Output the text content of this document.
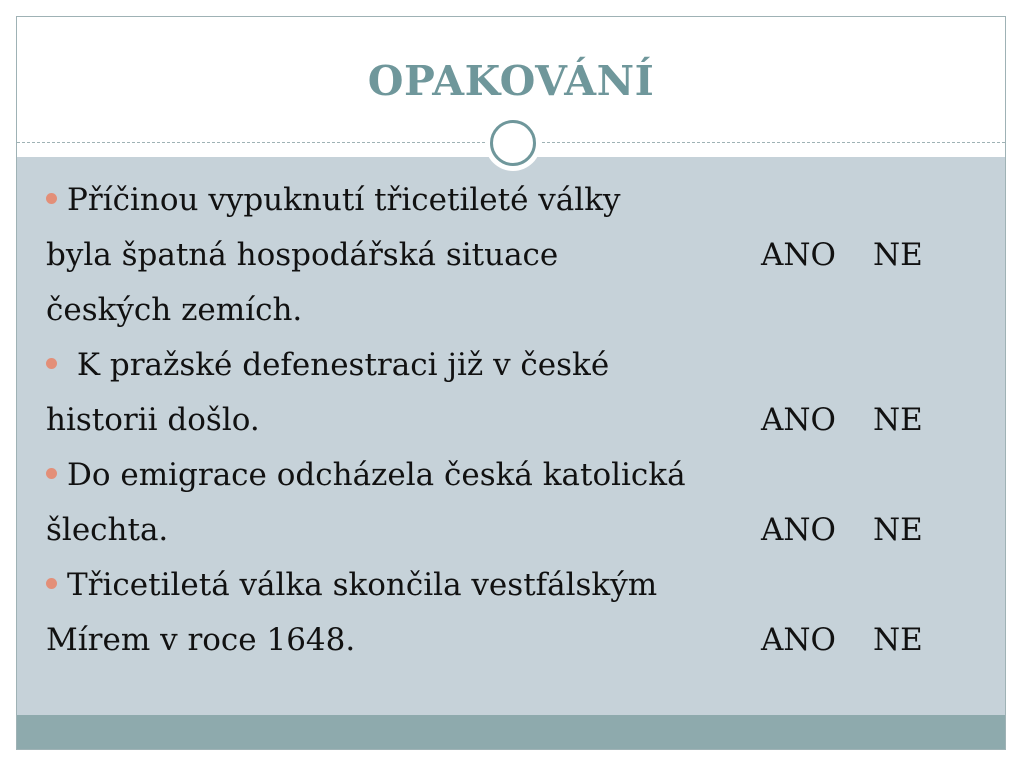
OPAKOVÁNÍ
Příčinou vypuknutí třicetileté války
byla špatná hospodářská situace	ANO NE
českých zemích.
K pražské defenestraci již v české
historii došlo.	ANO NE
Do emigrace odcházela česká katolická
šlechta.	ANO NE
Třicetiletá válka skončila vestfálským
Mírem v roce 1648.	ANO NE
